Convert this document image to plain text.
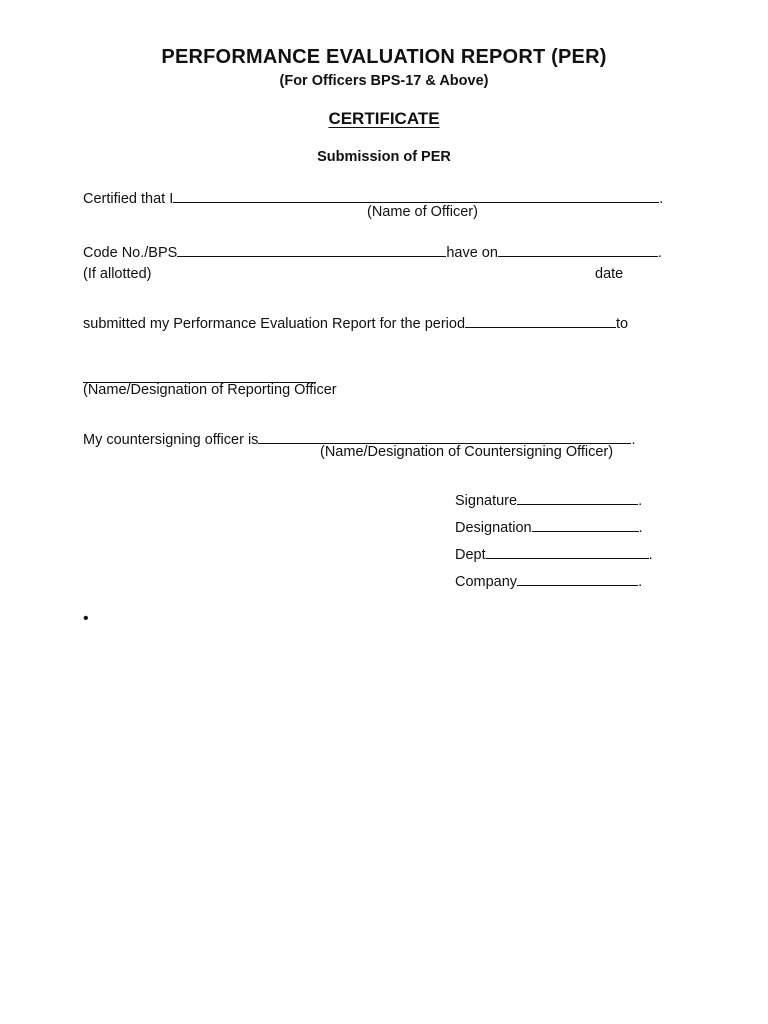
PERFORMANCE EVALUATION REPORT (PER)
(For Officers BPS-17 & Above)
CERTIFICATE
Submission of PER
Certified that I	.
(Name of Officer)
Code No./BPS	have on	.
(If allotted)	date
submitted my Performance Evaluation Report for the period	to
(Name/Designation of Reporting Officer
My countersigning officer is	.
(Name/Designation of Countersigning Officer)
Signature	.
Designation	.
Dept	.
Company	.
•
